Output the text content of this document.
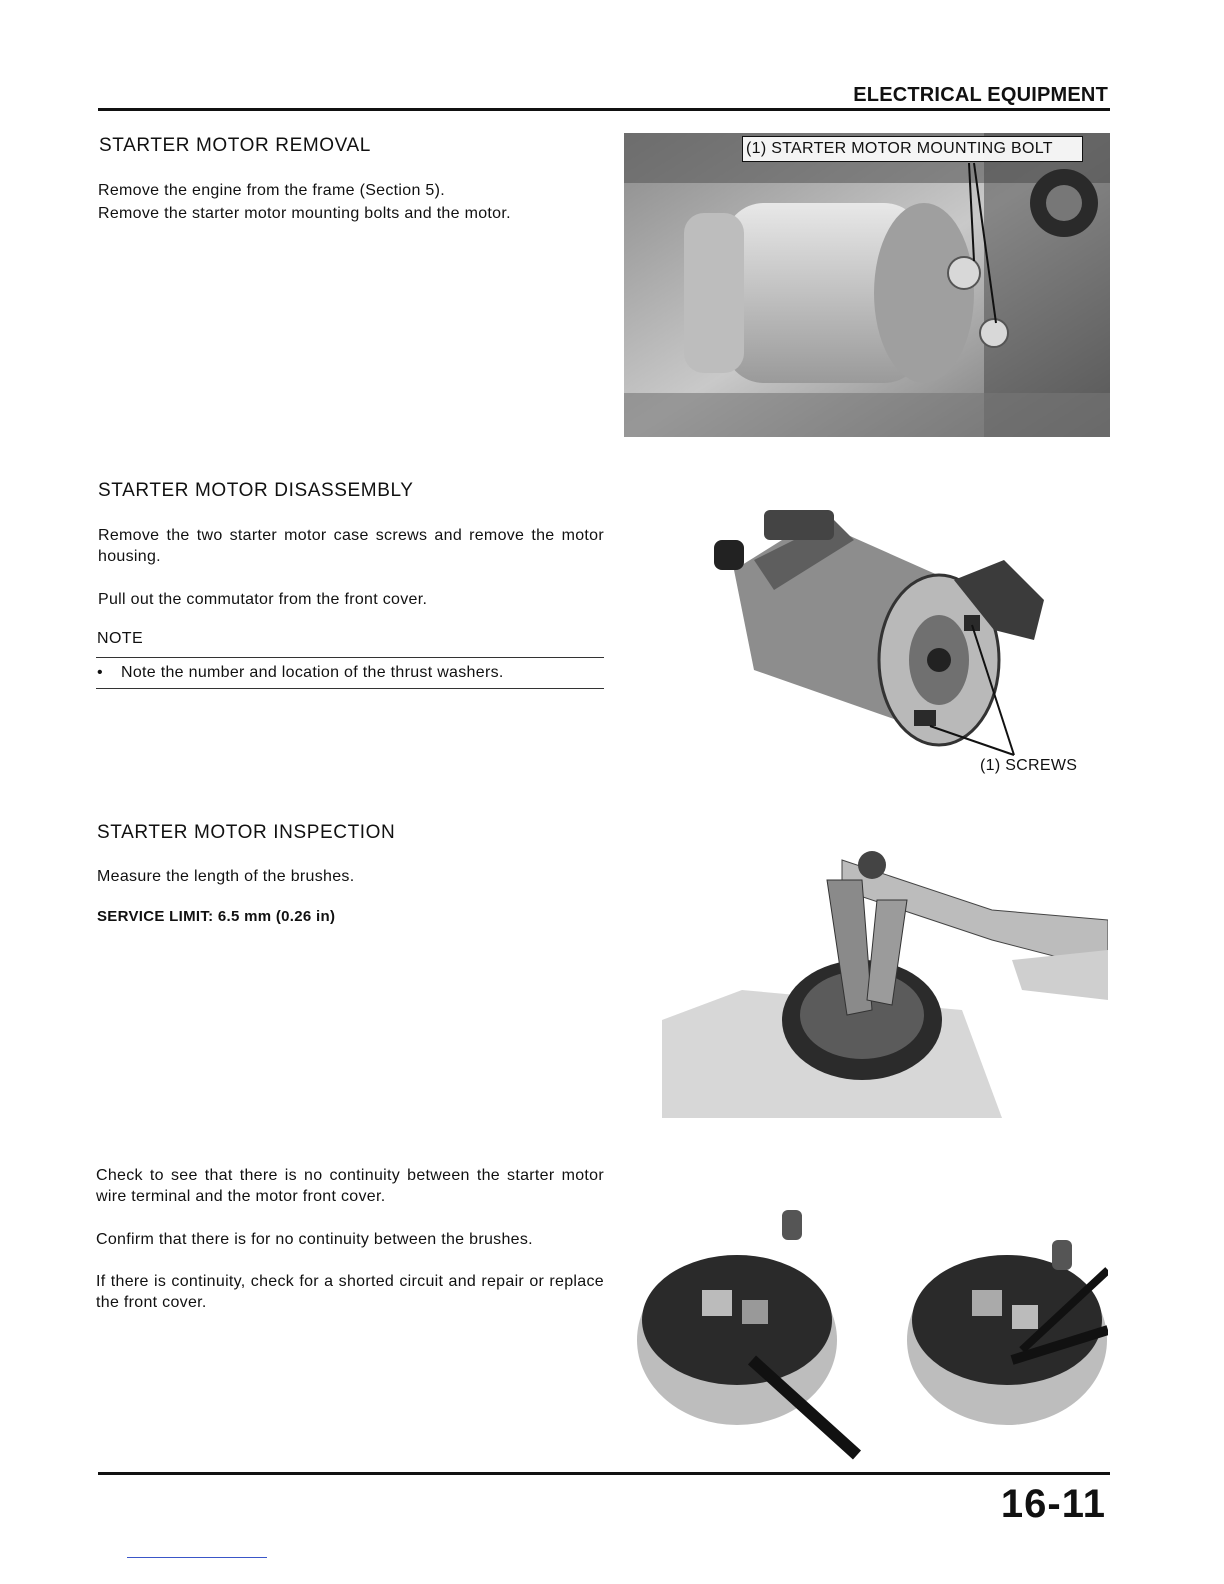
ELECTRICAL EQUIPMENT
STARTER MOTOR REMOVAL
Remove the engine from the frame (Section 5).
Remove the starter motor mounting bolts and the motor.
(1) STARTER MOTOR MOUNTING BOLT
STARTER MOTOR DISASSEMBLY

Remove the two starter motor case screws and remove the motor housing.

Pull out the commutator from the front cover.
NOTE
• Note the number and location of the thrust washers.
(1) SCREWS
STARTER MOTOR INSPECTION
Measure the length of the brushes.
SERVICE LIMIT: 6.5 mm (0.26 in)

Check to see that there is no continuity between the starter motor wire terminal and the motor front cover.

Confirm that there is for no continuity between the brushes.

If there is continuity, check for a shorted circuit and repair or replace the front cover.

16-11
